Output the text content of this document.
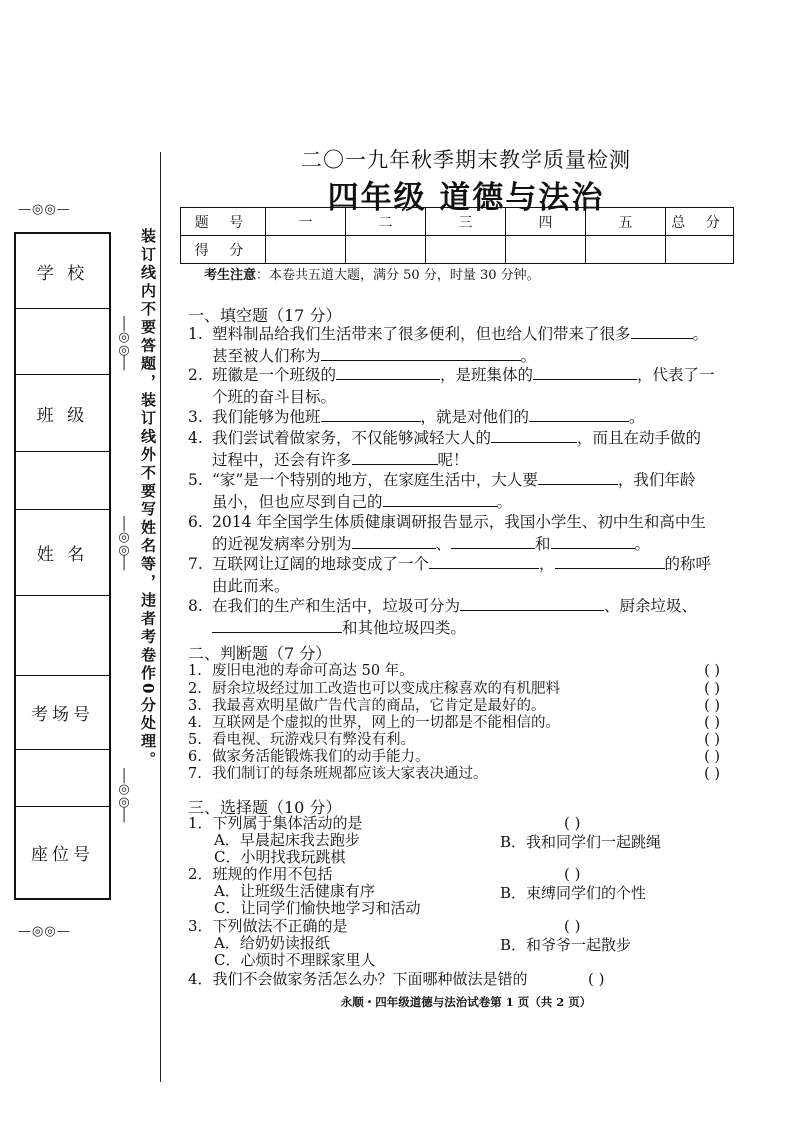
—◎◎—
学 校
班 级
姓 名
考场号
座位号
—◎◎—
│
◎
◎
│
│
◎
◎
│
│
◎
◎
│
装订线内不要答题，装订线外不要写姓名等，违者考卷作0分处理。
二〇一九年秋季期末教学质量检测
四年级 道德与法治
题 号	一	二	三	四	五	总 分
得 分						
考生注意：本卷共五道大题，满分 50 分，时量 30 分钟。
一、填空题（17 分）
1. 塑料制品给我们生活带来了很多便利，但也给人们带来了很多	。
甚至被人们称为	。
2. 班徽是一个班级的	，是班集体的	，代表了一
个班的奋斗目标。
3. 我们能够为他班	，就是对他们的	。
4. 我们尝试着做家务，不仅能够减轻大人的	，而且在动手做的
过程中，还会有许多	呢！
5. “家”是一个特别的地方，在家庭生活中，大人要	，我们年龄
虽小，但也应尽到自己的	。
6. 2014 年全国学生体质健康调研报告显示，我国小学生、初中生和高中生
的近视发病率分别为	、	和	。
7. 互联网让辽阔的地球变成了一个	，	的称呼
由此而来。
8. 在我们的生产和生活中，垃圾可分为	、厨余垃圾、
和其他垃圾四类。
二、判断题（7 分）
1. 废旧电池的寿命可高达 50 年。	( )
2. 厨余垃圾经过加工改造也可以变成庄稼喜欢的有机肥料	( )
3. 我最喜欢明星做广告代言的商品，它肯定是最好的。	( )
4. 互联网是个虚拟的世界，网上的一切都是不能相信的。	( )
5. 看电视、玩游戏只有弊没有利。	( )
6. 做家务活能锻炼我们的动手能力。	( )
7. 我们制订的每条班规都应该大家表决通过。	( )
三、选择题（10 分）
1．下列属于集体活动的是	( )
A．早晨起床我去跑步	B．我和同学们一起跳绳
C．小明找我玩跳棋
2．班规的作用不包括	( )
A．让班级生活健康有序	B．束缚同学们的个性
C．让同学们愉快地学习和活动
3．下列做法不正确的是	( )
A．给奶奶读报纸	B．和爷爷一起散步
C．心烦时不理睬家里人
4．我们不会做家务活怎么办？下面哪种做法是错的	( )
永顺・四年级道德与法治试卷第 1 页（共 2 页）
